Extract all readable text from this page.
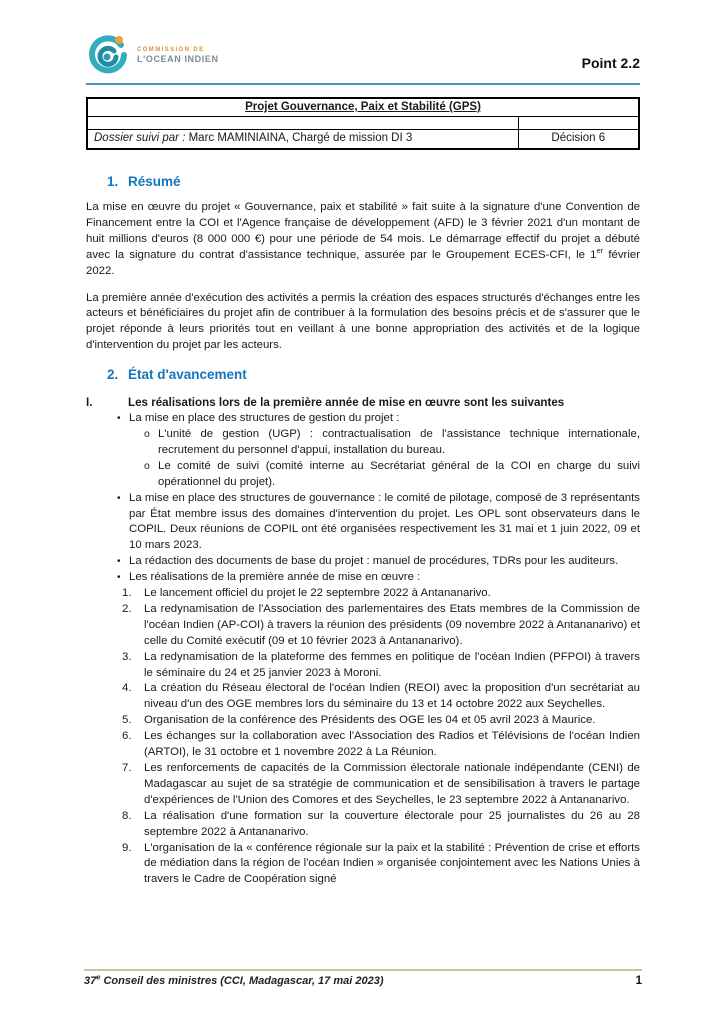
COMMISSION DE
L'OCEAN INDIEN	Point 2.2
Projet Gouvernance, Paix et Stabilité (GPS)	

Dossier suivi par : Marc MAMINIAINA, Chargé de mission DI 3	Décision 6
1. Résumé

La mise en œuvre du projet « Gouvernance, paix et stabilité » fait suite à la signature d'une Convention de Financement entre la COI et l'Agence française de développement (AFD) le 3 février 2021 d'un montant de huit millions d'euros (8 000 000 €) pour une période de 54 mois. Le démarrage effectif du projet a débuté avec la signature du contrat d'assistance technique, assurée par le Groupement ECES-CFI, le 1er février 2022.

La première année d'exécution des activités a permis la création des espaces structurés d'échanges entre les acteurs et bénéficiaires du projet afin de contribuer à la formulation des besoins précis et de s'assurer que le projet réponde à leurs priorités tout en veillant à une bonne appropriation des activités et de la logique d'intervention du projet par les acteurs.

2. État d'avancement
I.	Les réalisations lors de la première année de mise en œuvre sont les suivantes
• La mise en place des structures de gestion du projet :
o L'unité de gestion (UGP) : contractualisation de l'assistance technique internationale, recrutement du personnel d'appui, installation du bureau.
o Le comité de suivi (comité interne au Secrétariat général de la COI en charge du suivi opérationnel du projet).
• La mise en place des structures de gouvernance : le comité de pilotage, composé de 3 représentants par État membre issus des domaines d'intervention du projet. Les OPL sont observateurs dans le COPIL. Deux réunions de COPIL ont été organisées respectivement les 31 mai et 1 juin 2022, 09 et 10 mars 2023.
• La rédaction des documents de base du projet : manuel de procédures, TDRs pour les auditeurs.
• Les réalisations de la première année de mise en œuvre :
1.	Le lancement officiel du projet le 22 septembre 2022 à Antananarivo.
2.	La redynamisation de l'Association des parlementaires des Etats membres de la Commission de l'océan Indien (AP-COI) à travers la réunion des présidents (09 novembre 2022 à Antananarivo) et celle du Comité exécutif (09 et 10 février 2023 à Antananarivo).
3.	La redynamisation de la plateforme des femmes en politique de l'océan Indien (PFPOI) à travers le séminaire du 24 et 25 janvier 2023 à Moroni.
4.	La création du Réseau électoral de l'océan Indien (REOI) avec la proposition d'un secrétariat au niveau d'un des OGE membres lors du séminaire du 13 et 14 octobre 2022 aux Seychelles.
5.	Organisation de la conférence des Présidents des OGE les 04 et 05 avril 2023 à Maurice.
6.	Les échanges sur la collaboration avec l'Association des Radios et Télévisions de l'océan Indien (ARTOI), le 31 octobre et 1 novembre 2022 à La Réunion.
7.	Les renforcements de capacités de la Commission électorale nationale indépendante (CENI) de Madagascar au sujet de sa stratégie de communication et de sensibilisation à travers le partage d'expériences de l'Union des Comores et des Seychelles, le 23 septembre 2022 à Antananarivo.
8.	La réalisation d'une formation sur la couverture électorale pour 25 journalistes du 26 au 28 septembre 2022 à Antananarivo.
9.	L'organisation de la « conférence régionale sur la paix et la stabilité : Prévention de crise et efforts de médiation dans la région de l'océan Indien » organisée conjointement avec les Nations Unies à travers le Cadre de Coopération signé
37e Conseil des ministres (CCI, Madagascar, 17 mai 2023)	1
